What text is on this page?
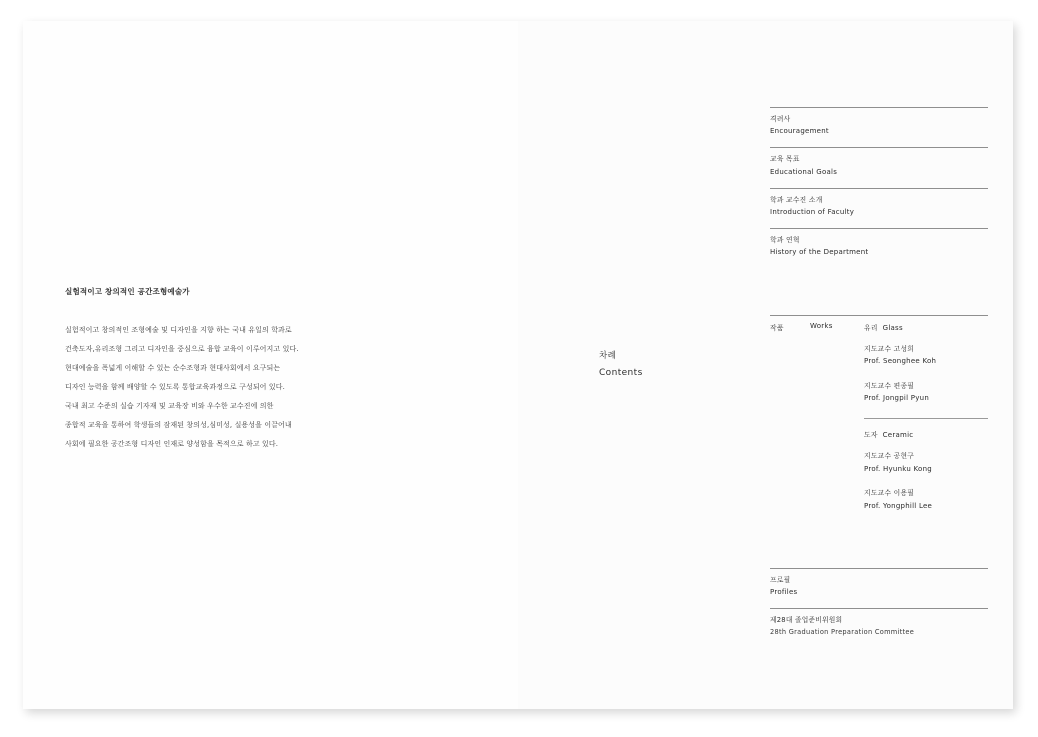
실험적이고 창의적인 공간조형예술가

실험적이고 창의적인 조형예술 및 디자인을 지향 하는 국내 유일의 학과로

건축도자,유리조형 그리고 디자인을 중심으로 융합 교육이 이루어지고 있다.

현대예술을 폭넓게 이해할 수 있는 순수조형과 현대사회에서 요구되는

디자인 능력을 함께 배양할 수 있도록 통합교육과정으로 구성되어 있다.

국내 최고 수준의 실습 기자재 및 교육장 비와 우수한 교수진에 의한

종합적 교육을 통하여 학생들의 잠재된 창의성,심미성, 실용성을 이끌어내

사회에 필요한 공간조형 디자인 인재로 양성함을 목적으로 하고 있다.

차례
Contents
격려사
Encouragement
교육 목표
Educational Goals
학과 교수진 소개
Introduction of Faculty
학과 연혁
History of the Department
작품	Works	유리 Glass
지도교수 고성희
Prof. Seonghee Koh
지도교수 편종필
Prof. Jongpil Pyun
도자 Ceramic
지도교수 공현구
Prof. Hyunku Kong
지도교수 이용필
Prof. Yongphill Lee
프로필
Profiles
제28대 졸업준비위원회
28th Graduation Preparation Committee
